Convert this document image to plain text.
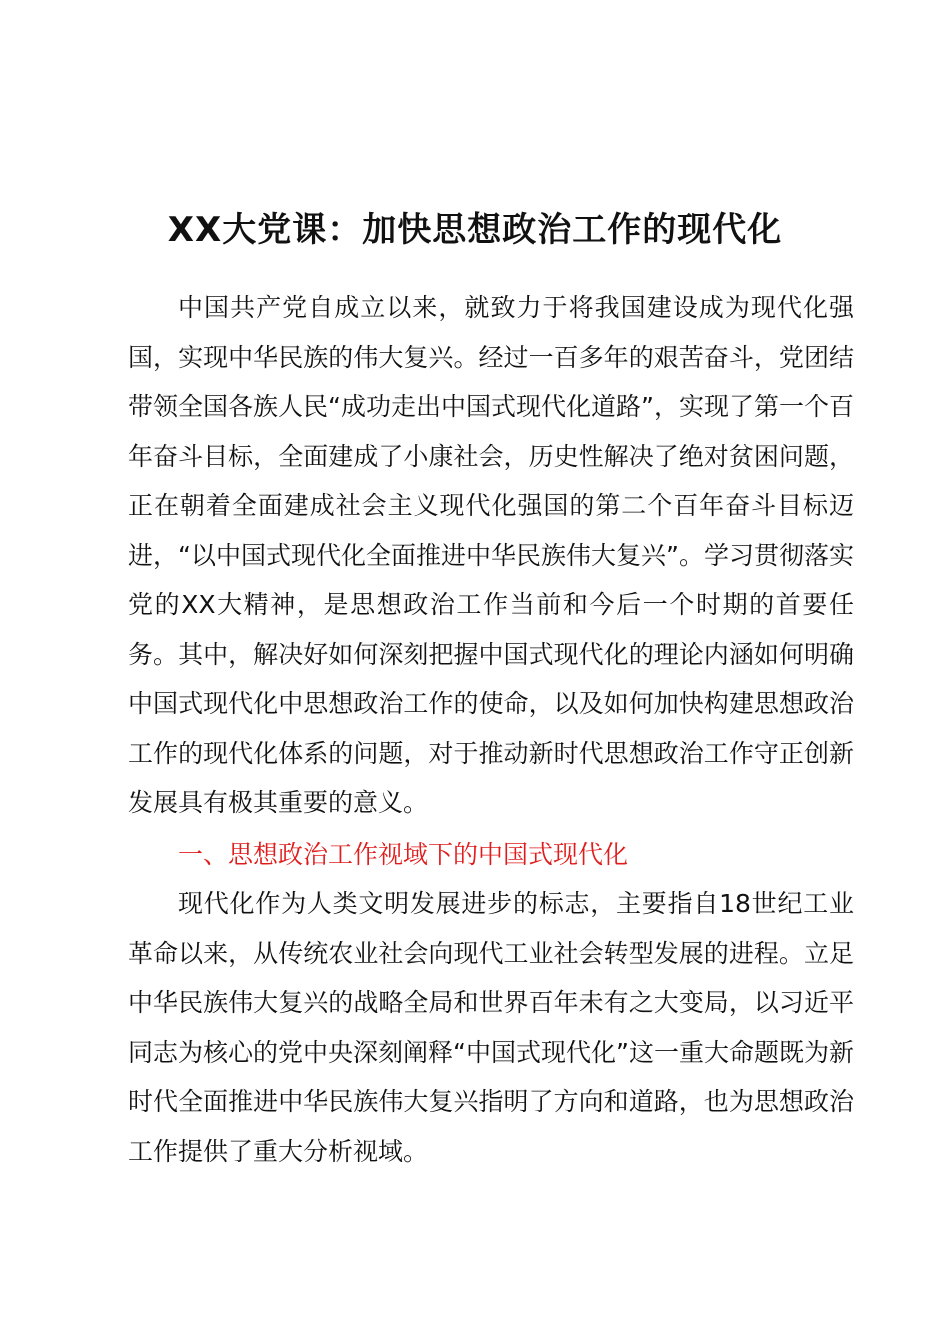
XX大党课：加快思想政治工作的现代化

中国共产党自成立以来，就致力于将我国建设成为现代化强国，实现中华民族的伟大复兴。经过一百多年的艰苦奋斗，党团结带领全国各族人民“成功走出中国式现代化道路”，实现了第一个百年奋斗目标，全面建成了小康社会，历史性解决了绝对贫困问题，正在朝着全面建成社会主义现代化强国的第二个百年奋斗目标迈进，“以中国式现代化全面推进中华民族伟大复兴”。学习贯彻落实党的XX大精神，是思想政治工作当前和今后一个时期的首要任务。其中，解决好如何深刻把握中国式现代化的理论内涵如何明确中国式现代化中思想政治工作的使命，以及如何加快构建思想政治工作的现代化体系的问题，对于推动新时代思想政治工作守正创新发展具有极其重要的意义。

一、思想政治工作视域下的中国式现代化

现代化作为人类文明发展进步的标志，主要指自18世纪工业革命以来，从传统农业社会向现代工业社会转型发展的进程。立足中华民族伟大复兴的战略全局和世界百年未有之大变局，以习近平同志为核心的党中央深刻阐释“中国式现代化”这一重大命题既为新时代全面推进中华民族伟大复兴指明了方向和道路，也为思想政治工作提供了重大分析视域。
